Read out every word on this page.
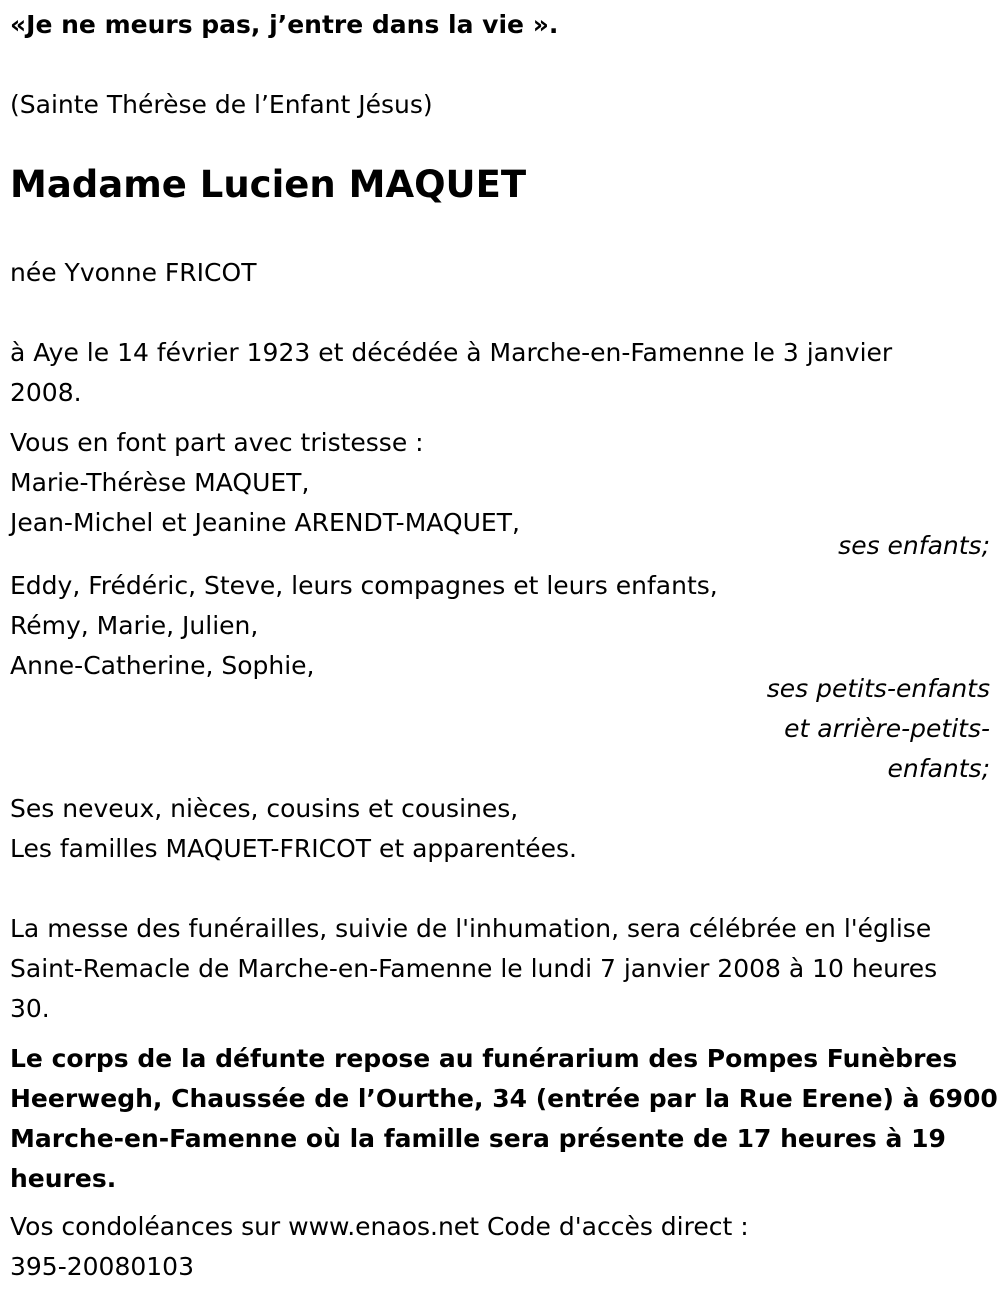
«Je ne meurs pas, j’entre dans la vie ».
(Sainte Thérèse de l’Enfant Jésus)
Madame Lucien MAQUET
née Yvonne FRICOT
à Aye le 14 février 1923 et décédée à Marche-en-Famenne le 3 janvier
2008.
Vous en font part avec tristesse :
Marie-Thérèse MAQUET,
Jean-Michel et Jeanine ARENDT-MAQUET,
ses enfants;
Eddy, Frédéric, Steve, leurs compagnes et leurs enfants,
Rémy, Marie, Julien,
Anne-Catherine, Sophie,
ses petits-enfants
et arrière-petits-
enfants;
Ses neveux, nièces, cousins et cousines,
Les familles MAQUET-FRICOT et apparentées.
La messe des funérailles, suivie de l'inhumation, sera célébrée en l'église
Saint-Remacle de Marche-en-Famenne le lundi 7 janvier 2008 à 10 heures
30.
Le corps de la défunte repose au funérarium des Pompes Funèbres
Heerwegh, Chaussée de l’Ourthe, 34 (entrée par la Rue Erene) à 6900
Marche-en-Famenne où la famille sera présente de 17 heures à 19
heures.
Vos condoléances sur www.enaos.net Code d'accès direct :
395-20080103
